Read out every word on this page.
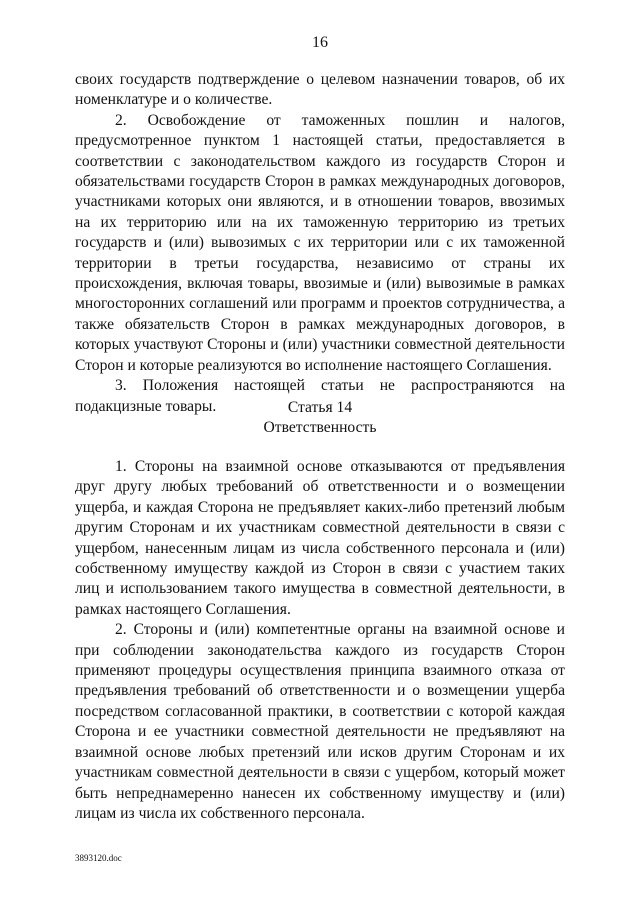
16

своих государств подтверждение о целевом назначении товаров, об их номенклатуре и о количестве.

2. Освобождение от таможенных пошлин и налогов, предусмотренное пунктом 1 настоящей статьи, предоставляется в соответствии с законодательством каждого из государств Сторон и обязательствами государств Сторон в рамках международных договоров, участниками которых они являются, и в отношении товаров, ввозимых на их территорию или на их таможенную территорию из третьих государств и (или) вывозимых с их территории или с их таможенной территории в третьи государства, независимо от страны их происхождения, включая товары, ввозимые и (или) вывозимые в рамках многосторонних соглашений или программ и проектов сотрудничества, а также обязательств Сторон в рамках международных договоров, в которых участвуют Стороны и (или) участники совместной деятельности Сторон и которые реализуются во исполнение настоящего Соглашения.

3. Положения настоящей статьи не распространяются на подакцизные товары.	Статья 14

Ответственность

1. Стороны на взаимной основе отказываются от предъявления друг другу любых требований об ответственности и о возмещении ущерба, и каждая Сторона не предъявляет каких-либо претензий любым другим Сторонам и их участникам совместной деятельности в связи с ущербом, нанесенным лицам из числа собственного персонала и (или) собственному имуществу каждой из Сторон в связи с участием таких лиц и использованием такого имущества в совместной деятельности, в рамках настоящего Соглашения.

2. Стороны и (или) компетентные органы на взаимной основе и при соблюдении законодательства каждого из государств Сторон применяют процедуры осуществления принципа взаимного отказа от предъявления требований об ответственности и о возмещении ущерба посредством согласованной практики, в соответствии с которой каждая Сторона и ее участники совместной деятельности не предъявляют на взаимной основе любых претензий или исков другим Сторонам и их участникам совместной деятельности в связи с ущербом, который может быть непреднамеренно нанесен их собственному имуществу и (или) лицам из числа их собственного персонала.

3893120.doc
